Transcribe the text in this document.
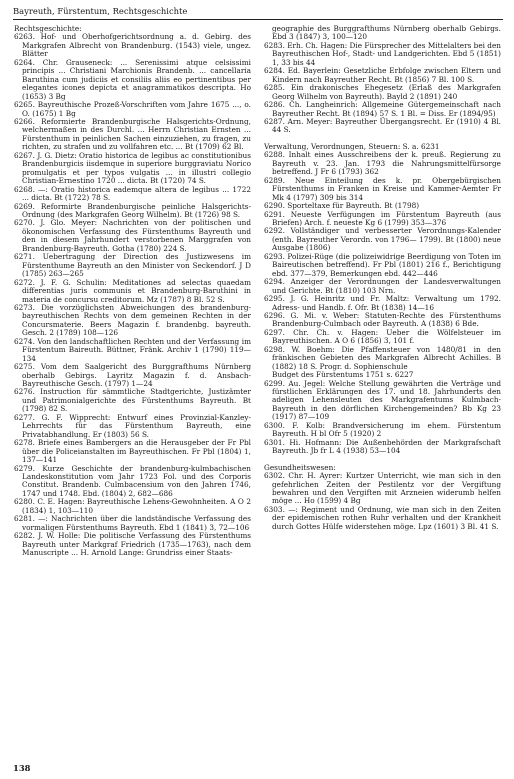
Bayreuth, Fürstentum, Rechtsgeschichte

Rechtsgeschichte:

6263. Hof- und Oberhofgerichtsordnung a. d. Gebirg. des Markgrafen Albrecht von Brandenburg. (1543) viele, ungez. Blätter

6264. Chr. Grauseneck: ... Serenissimi atque celsissimi principis ... Christiani Marchionis Brandenb. ... cancellaria Baruthina cum judiciis et consiliis aliis eo pertinentibus per elegantes icones depicta et anagrammatikos descripta. Ho (1653) 3 Bg

6265. Bayreuthische Prozeß-Vorschriften vom Jahre 1675 ..., o. O. (1675) 1 Bg

6266. Reformierte Brandenburgische Halsgerichts-Ordnung, welchermaßen in des Durchl. ... Herrn Christian Ernsten ... Fürstenthum in peinlichen Sachen einzuziehen, zu fragen, zu richten, zu strafen und zu vollfahren etc. ... Bt (1709) 62 Bl.

6267. J. G. Dietz: Oratio historica de legibus ac constitutionibus Brandenburgicis iisdemque in superiore burggraviatu Norico promulgatis et per typos vulgatis ... in illustri collegio Christian-Ernestino 1720 ... dicta. Bt (1720) 74 S.

6268. —: Oratio historica eademque altera de legibus ... 1722 ... dicta. Bt (1722) 78 S.

6269. Reformirte Brandenburgische peinliche Halsgerichts-Ordnung (des Markgrafen Georg Wilhelm). Bt (1726) 98 S.

6270. J. Glo. Meyer: Nachrichten von der politischen und ökonomischen Verfassung des Fürstenthums Bayreuth und den in diesem Jahrhundert verstorbenen Marggrafen von Brandenburg-Bayreuth. Gotha (1780) 224 S.

6271. Uebertragung der Direction des Justizwesens im Fürstenthume Bayreuth an den Minister von Seckendorf. J D (1785) 263—265

6272. J. F. G. Schulin: Meditationes ad selectas quaedam differentias juris communis et Brandenburg-Baruthini in materia de concursu creditorum. Mz (1787) 8 Bl. 52 S.

6273. Die vorzüglichsten Abweichungen des brandenburg-bayreuthischen Rechts von dem gemeinen Rechten in der Concursmaterie. Beers Magazin f. brandenbg. bayreuth. Gesch. 2 (1789) 108—126

6274. Von den landschaftlichen Rechten und der Verfassung im Fürstentum Baireuth. Büttner, Fränk. Archiv 1 (1790) 119—134

6275. Vom dem Saalgericht des Burggrafthums Nürnberg oberhalb Gebirgs. Layritz Magazin f. d. Ansbach-Bayreuthische Gesch. (1797) 1—24

6276. Instruction für sämmtliche Stadtgerichte, Justizämter und Patrimonialgerichte des Fürstenthums Bayreuth. Bt (1798) 82 S.

6277. G. F. Wipprecht: Entwurf eines Provinzial-Kanzley-Lehrrechts für das Fürstenthum Bayreuth, eine Privatabhandlung. Er (1803) 56 S.

6278. Briefe eines Bambergers an die Herausgeber der Fr Pbl über die Policeianstalten im Bayreuthischen. Fr Pbl (1804) 1, 137—141

6279. Kurze Geschichte der brandenburg-kulmbachischen Landeskonstitution vom Jahr 1723 Fol. und des Corporis Constitut. Brandenb. Culmbacensium von den Jahren 1746, 1747 und 1748. Ebd. (1804) 2, 682—686

6280. C. E. Hagen: Bayreuthische Lehens-Gewohnheiten. A O 2 (1834) 1, 103—110

6281. —: Nachrichten über die landständische Verfassung des vormaligen Fürstenthums Bayreuth. Ebd 1 (1841) 3, 72—106

6282. J. W. Holle: Die politische Verfassung des Fürstenthums Bayreuth unter Markgraf Friedrich (1735—1763), nach dem Manuscripte ... H. Arnold Lange: Grundriss einer Staats-

geographie des Burggrafthums Nürnberg oberhalb Gebirgs. Ebd 3 (1847) 3, 100—120

6283. Erh. Ch. Hagen: Die Fürsprecher des Mittelalters bei den Bayreuthischen Hof-, Stadt- und Landgerichten. Ebd 5 (1851) 1, 33 bis 44

6284. Ed. Bayerlein: Gesetzliche Erbfolge zwischen Eltern und Kindern nach Bayreuther Recht. Bt (1856) 7 Bl. 100 S.

6285. Ein drakonisches Ehegesetz (Erlaß des Markgrafen Georg Wilhelm von Bayreuth). Bayld 2 (1891) 240

6286. Ch. Langheinrich: Allgemeine Gütergemeinschaft nach Bayreuther Recht. Bt (1894) 57 S. 1 Bl. = Diss. Er (1894/95)

6287. Arn. Meyer: Bayreuther Übergangsrecht. Er (1910) 4 Bl. 44 S.

Verwaltung, Verordnungen, Steuern: S. a. 6231

6288. Inhalt eines Ausschreibens der k. preuß. Regierung zu Bayreuth v. 23. Jan. 1793 die Nahrungsmittelfürsorge betreffend. J Fr 6 (1793) 362

6289. Neue Einteilung des k. pr. Obergebürgischen Fürstenthums in Franken in Kreise und Kammer-Aemter Fr Mk 4 (1797) 309 bis 314

6290. Sporteltaxe für Bayreuth. Bt (1798)

6291. Neueste Verfügungen im Fürstentum Bayreuth (aus Briefen) Arch. f. neueste Kg 6 (1799) 353—376

6292. Vollständiger und verbesserter Verordnungs-Kalender (enth. Bayreuther Verordn. von 1796— 1799). Bt (1800) neue Ausgabe (1806)

6293. Polizei-Rüge (die polizeiwidrige Beerdigung von Toten im Baireutischen betreffend). Fr Pbl (1801) 216 f., Berichtigung ebd. 377—379, Bemerkungen ebd. 442—446

6294. Anzeiger der Verordnungen der Landesverwaltungen und Gerichte. Bt (1810) 103 Nrn.

6295. J. G. Heinritz und Fr. Maltz: Verwaltung um 1792. Adress- und Handb. f. Ofr. Bt (1838) 14—16

6296. G. Mi. v. Weber: Statuten-Rechte des Fürstenthums Brandenburg-Culmbach oder Bayreuth. A (1838) 6 Bde.

6297. Chr. Ch. v. Hagen: Ueber die Wölfelsteuer im Bayreuthischen. A O 6 (1856) 3, 101 f.

6298. W. Boehm: Die Pfaffensteuer von 1480/81 in den fränkischen Gebieten des Markgrafen Albrecht Achilles. B (1882) 18 S. Progr. d. Sophienschule

Budget des Fürstentums 1751 s. 6227

6299. Au. Jegel: Welche Stellung gewährten die Verträge und fürstlichen Erklärungen des 17. und 18. Jahrhunderts den adeligen Lehensleuten des Markgrafentums Kulmbach-Bayreuth in den dörflichen Kirchengemeinden? Bb Kg 23 (1917) 87—109

6300. F. Kolb: Brandversicherung im ehem. Fürstentum Bayreuth. H bl Ofr 5 (1920) 2

6301. Hi. Hofmann: Die Außenbehörden der Markgrafschaft Bayreuth. Jb fr L 4 (1938) 53—104

Gesundheitswesen:

6302. Chr. H. Ayrer: Kurtzer Unterricht, wie man sich in den gefehrlichen Zeiten der Pestilentz vor der Vergiftung bewahren und den Vergiften mit Arzneien widerumb helfen möge ... Ho (1599) 4 Bg

6303. —: Regiment und Ordnung, wie man sich in den Zeiten der epidemischen rothen Ruhr verhalten und der Krankheit durch Gottes Hülfe widerstehen möge. Lpz (1601) 3 Bl. 41 S.

138
